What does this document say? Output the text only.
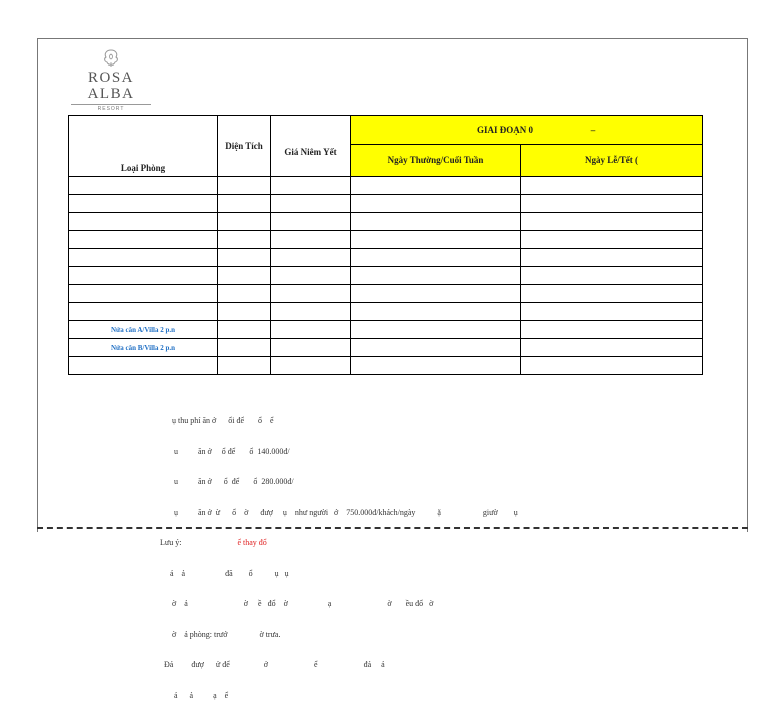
ROSA ALBA
RESORT
Loại Phòng	Diện Tích	Giá Niêm Yết	GIAI ĐOẠN 0 –	
			Ngày Thường/Cuối Tuần	Ngày Lễ/Tết (

Nửa căn A/Villa 2 p.n				
Nửa căn B/Villa 2 p.n				

ụ thu phí ăn ở      ổi để       ổ    ể

u          ăn ở     ổ để       ổ  140.000đ/

u          ăn ở      ổ  để       ổ  280.000đ/

ụ          ăn ở  ừ      ổ    ờ      đượ     ụ    như người   ớ    750.000đ/khách/ngày           ặ                     giườ        ụ

Lưu ý:	ể thay đổ

ả    ả                    đã        ổ           ụ   ụ

ờ    ả                            ờ     ề   đổ    ờ                    ạ                            ờ       ều đổ   ờ

ờ    ả phòng: trướ                ờ trưa.

Đả         đượ      ử để                 ở                       ể                       đả     ả

ả      ả          ạ    ể
